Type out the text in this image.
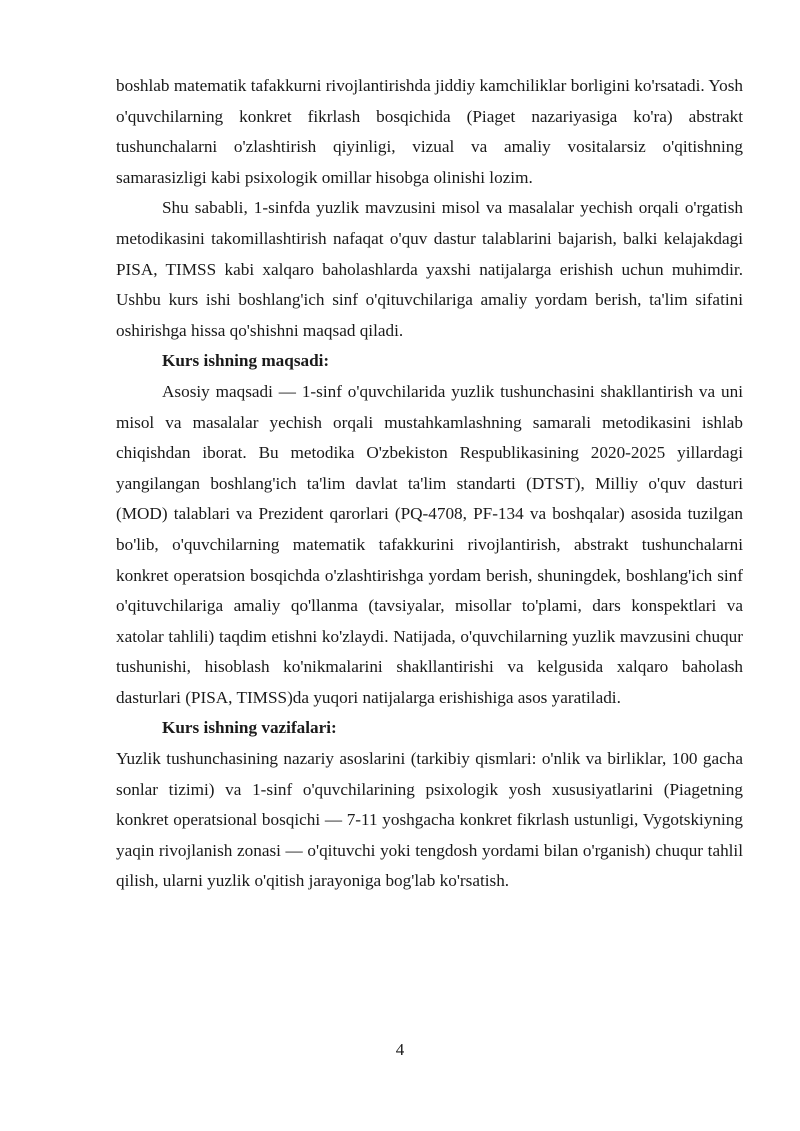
boshlab matematik tafakkurni rivojlantirishda jiddiy kamchiliklar borligini ko'rsatadi. Yosh o'quvchilarning konkret fikrlash bosqichida (Piaget nazariyasiga ko'ra) abstrakt tushunchalarni o'zlashtirish qiyinligi, vizual va amaliy vositalarsiz o'qitishning samarasizligi kabi psixologik omillar hisobga olinishi lozim.

Shu sababli, 1-sinfda yuzlik mavzusini misol va masalalar yechish orqali o'rgatish metodikasini takomillashtirish nafaqat o'quv dastur talablarini bajarish, balki kelajakdagi PISA, TIMSS kabi xalqaro baholashlarda yaxshi natijalarga erishish uchun muhimdir. Ushbu kurs ishi boshlang'ich sinf o'qituvchilariga amaliy yordam berish, ta'lim sifatini oshirishga hissa qo'shishni maqsad qiladi.

Kurs ishning maqsadi:

Asosiy maqsadi — 1-sinf o'quvchilarida yuzlik tushunchasini shakllantirish va uni misol va masalalar yechish orqali mustahkamlashning samarali metodikasini ishlab chiqishdan iborat. Bu metodika O'zbekiston Respublikasining 2020-2025 yillardagi yangilangan boshlang'ich ta'lim davlat ta'lim standarti (DTST), Milliy o'quv dasturi (MOD) talablari va Prezident qarorlari (PQ-4708, PF-134 va boshqalar) asosida tuzilgan bo'lib, o'quvchilarning matematik tafakkurini rivojlantirish, abstrakt tushunchalarni konkret operatsion bosqichda o'zlashtirishga yordam berish, shuningdek, boshlang'ich sinf o'qituvchilariga amaliy qo'llanma (tavsiyalar, misollar to'plami, dars konspektlari va xatolar tahlili) taqdim etishni ko'zlaydi. Natijada, o'quvchilarning yuzlik mavzusini chuqur tushunishi, hisoblash ko'nikmalarini shakllantirishi va kelgusida xalqaro baholash dasturlari (PISA, TIMSS)da yuqori natijalarga erishishiga asos yaratiladi.

Kurs ishning vazifalari:

Yuzlik tushunchasining nazariy asoslarini (tarkibiy qismlari: o'nlik va birliklar, 100 gacha sonlar tizimi) va 1-sinf o'quvchilarining psixologik yosh xususiyatlarini (Piagetning konkret operatsional bosqichi — 7-11 yoshgacha konkret fikrlash ustunligi, Vygotskiyning yaqin rivojlanish zonasi — o'qituvchi yoki tengdosh yordami bilan o'rganish) chuqur tahlil qilish, ularni yuzlik o'qitish jarayoniga bog'lab ko'rsatish.

4
